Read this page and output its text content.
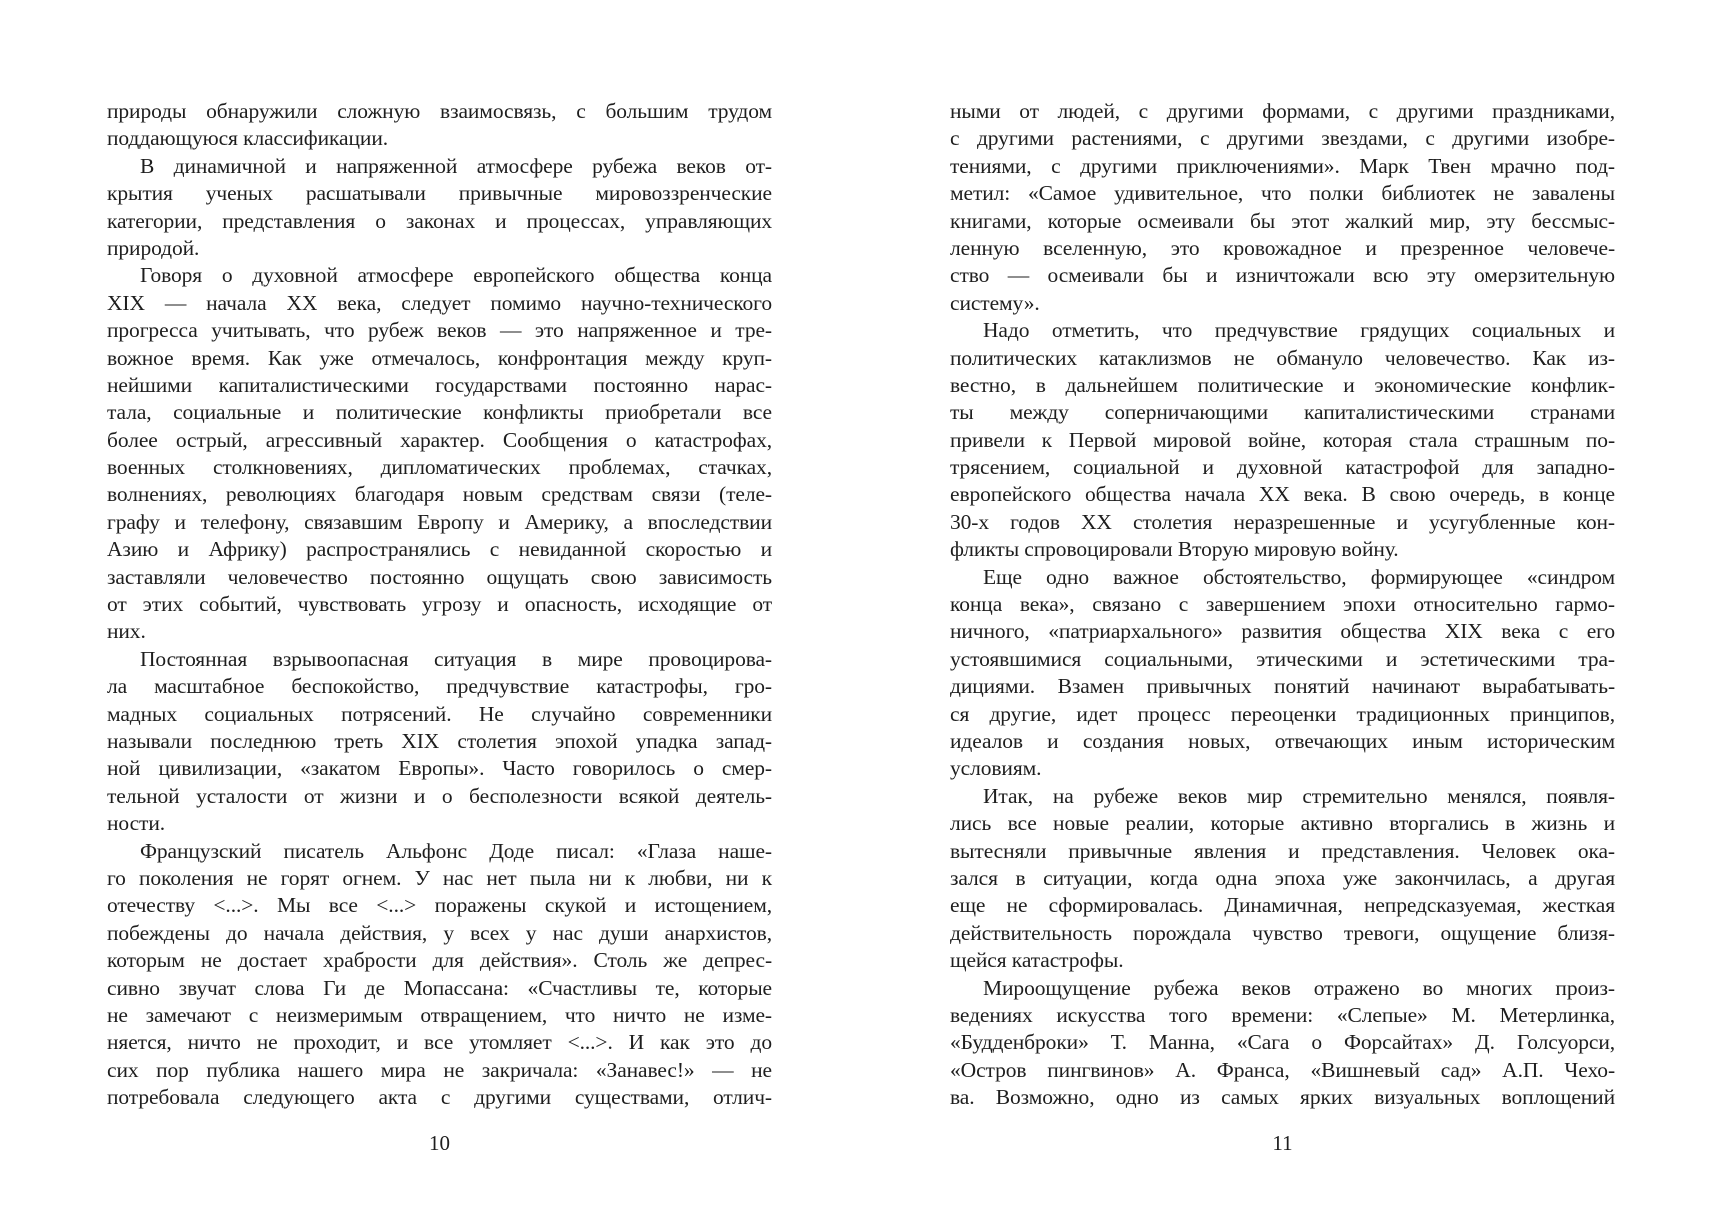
природы обнаружили сложную взаимосвязь, с большим трудом
поддающуюся классификации.
В динамичной и напряженной атмосфере рубежа веков от-
крытия ученых расшатывали привычные мировоззренческие
категории, представления о законах и процессах, управляющих
природой.
Говоря о духовной атмосфере европейского общества конца
XIX — начала XX века, следует помимо научно-технического
прогресса учитывать, что рубеж веков — это напряженное и тре-
вожное время. Как уже отмечалось, конфронтация между круп-
нейшими капиталистическими государствами постоянно нарас-
тала, социальные и политические конфликты приобретали все
более острый, агрессивный характер. Сообщения о катастрофах,
военных столкновениях, дипломатических проблемах, стачках,
волнениях, революциях благодаря новым средствам связи (теле-
графу и телефону, связавшим Европу и Америку, а впоследствии
Азию и Африку) распространялись с невиданной скоростью и
заставляли человечество постоянно ощущать свою зависимость
от этих событий, чувствовать угрозу и опасность, исходящие от
них.
Постоянная взрывоопасная ситуация в мире провоцирова-
ла масштабное беспокойство, предчувствие катастрофы, гро-
мадных социальных потрясений. Не случайно современники
называли последнюю треть XIX столетия эпохой упадка запад-
ной цивилизации, «закатом Европы». Часто говорилось о смер-
тельной усталости от жизни и о бесполезности всякой деятель-
ности.
Французский писатель Альфонс Доде писал: «Глаза наше-
го поколения не горят огнем. У нас нет пыла ни к любви, ни к
отечеству <...>. Мы все <...> поражены скукой и истощением,
побеждены до начала действия, у всех у нас души анархистов,
которым не достает храбрости для действия». Столь же депрес-
сивно звучат слова Ги де Мопассана: «Счастливы те, которые
не замечают с неизмеримым отвращением, что ничто не изме-
няется, ничто не проходит, и все утомляет <...>. И как это до
сих пор публика нашего мира не закричала: «Занавес!» — не
потребовала следующего акта с другими существами, отлич-
10
ными от людей, с другими формами, с другими праздниками,
с другими растениями, с другими звездами, с другими изобре-
тениями, с другими приключениями». Марк Твен мрачно под-
метил: «Самое удивительное, что полки библиотек не завалены
книгами, которые осмеивали бы этот жалкий мир, эту бессмыс-
ленную вселенную, это кровожадное и презренное человече-
ство — осмеивали бы и изничтожали всю эту омерзительную
систему».
Надо отметить, что предчувствие грядущих социальных и
политических катаклизмов не обмануло человечество. Как из-
вестно, в дальнейшем политические и экономические конфлик-
ты между соперничающими капиталистическими странами
привели к Первой мировой войне, которая стала страшным по-
трясением, социальной и духовной катастрофой для западно-
европейского общества начала XX века. В свою очередь, в конце
30-х годов XX столетия неразрешенные и усугубленные кон-
фликты спровоцировали Вторую мировую войну.
Еще одно важное обстоятельство, формирующее «синдром
конца века», связано с завершением эпохи относительно гармо-
ничного, «патриархального» развития общества XIX века с его
устоявшимися социальными, этическими и эстетическими тра-
дициями. Взамен привычных понятий начинают вырабатывать-
ся другие, идет процесс переоценки традиционных принципов,
идеалов и создания новых, отвечающих иным историческим
условиям.
Итак, на рубеже веков мир стремительно менялся, появля-
лись все новые реалии, которые активно вторгались в жизнь и
вытесняли привычные явления и представления. Человек ока-
зался в ситуации, когда одна эпоха уже закончилась, а другая
еще не сформировалась. Динамичная, непредсказуемая, жесткая
действительность порождала чувство тревоги, ощущение близя-
щейся катастрофы.
Мироощущение рубежа веков отражено во многих произ-
ведениях искусства того времени: «Слепые» М. Метерлинка,
«Будденброки» Т. Манна, «Сага о Форсайтах» Д. Голсуорси,
«Остров пингвинов» А. Франса, «Вишневый сад» А.П. Чехо-
ва. Возможно, одно из самых ярких визуальных воплощений
11
